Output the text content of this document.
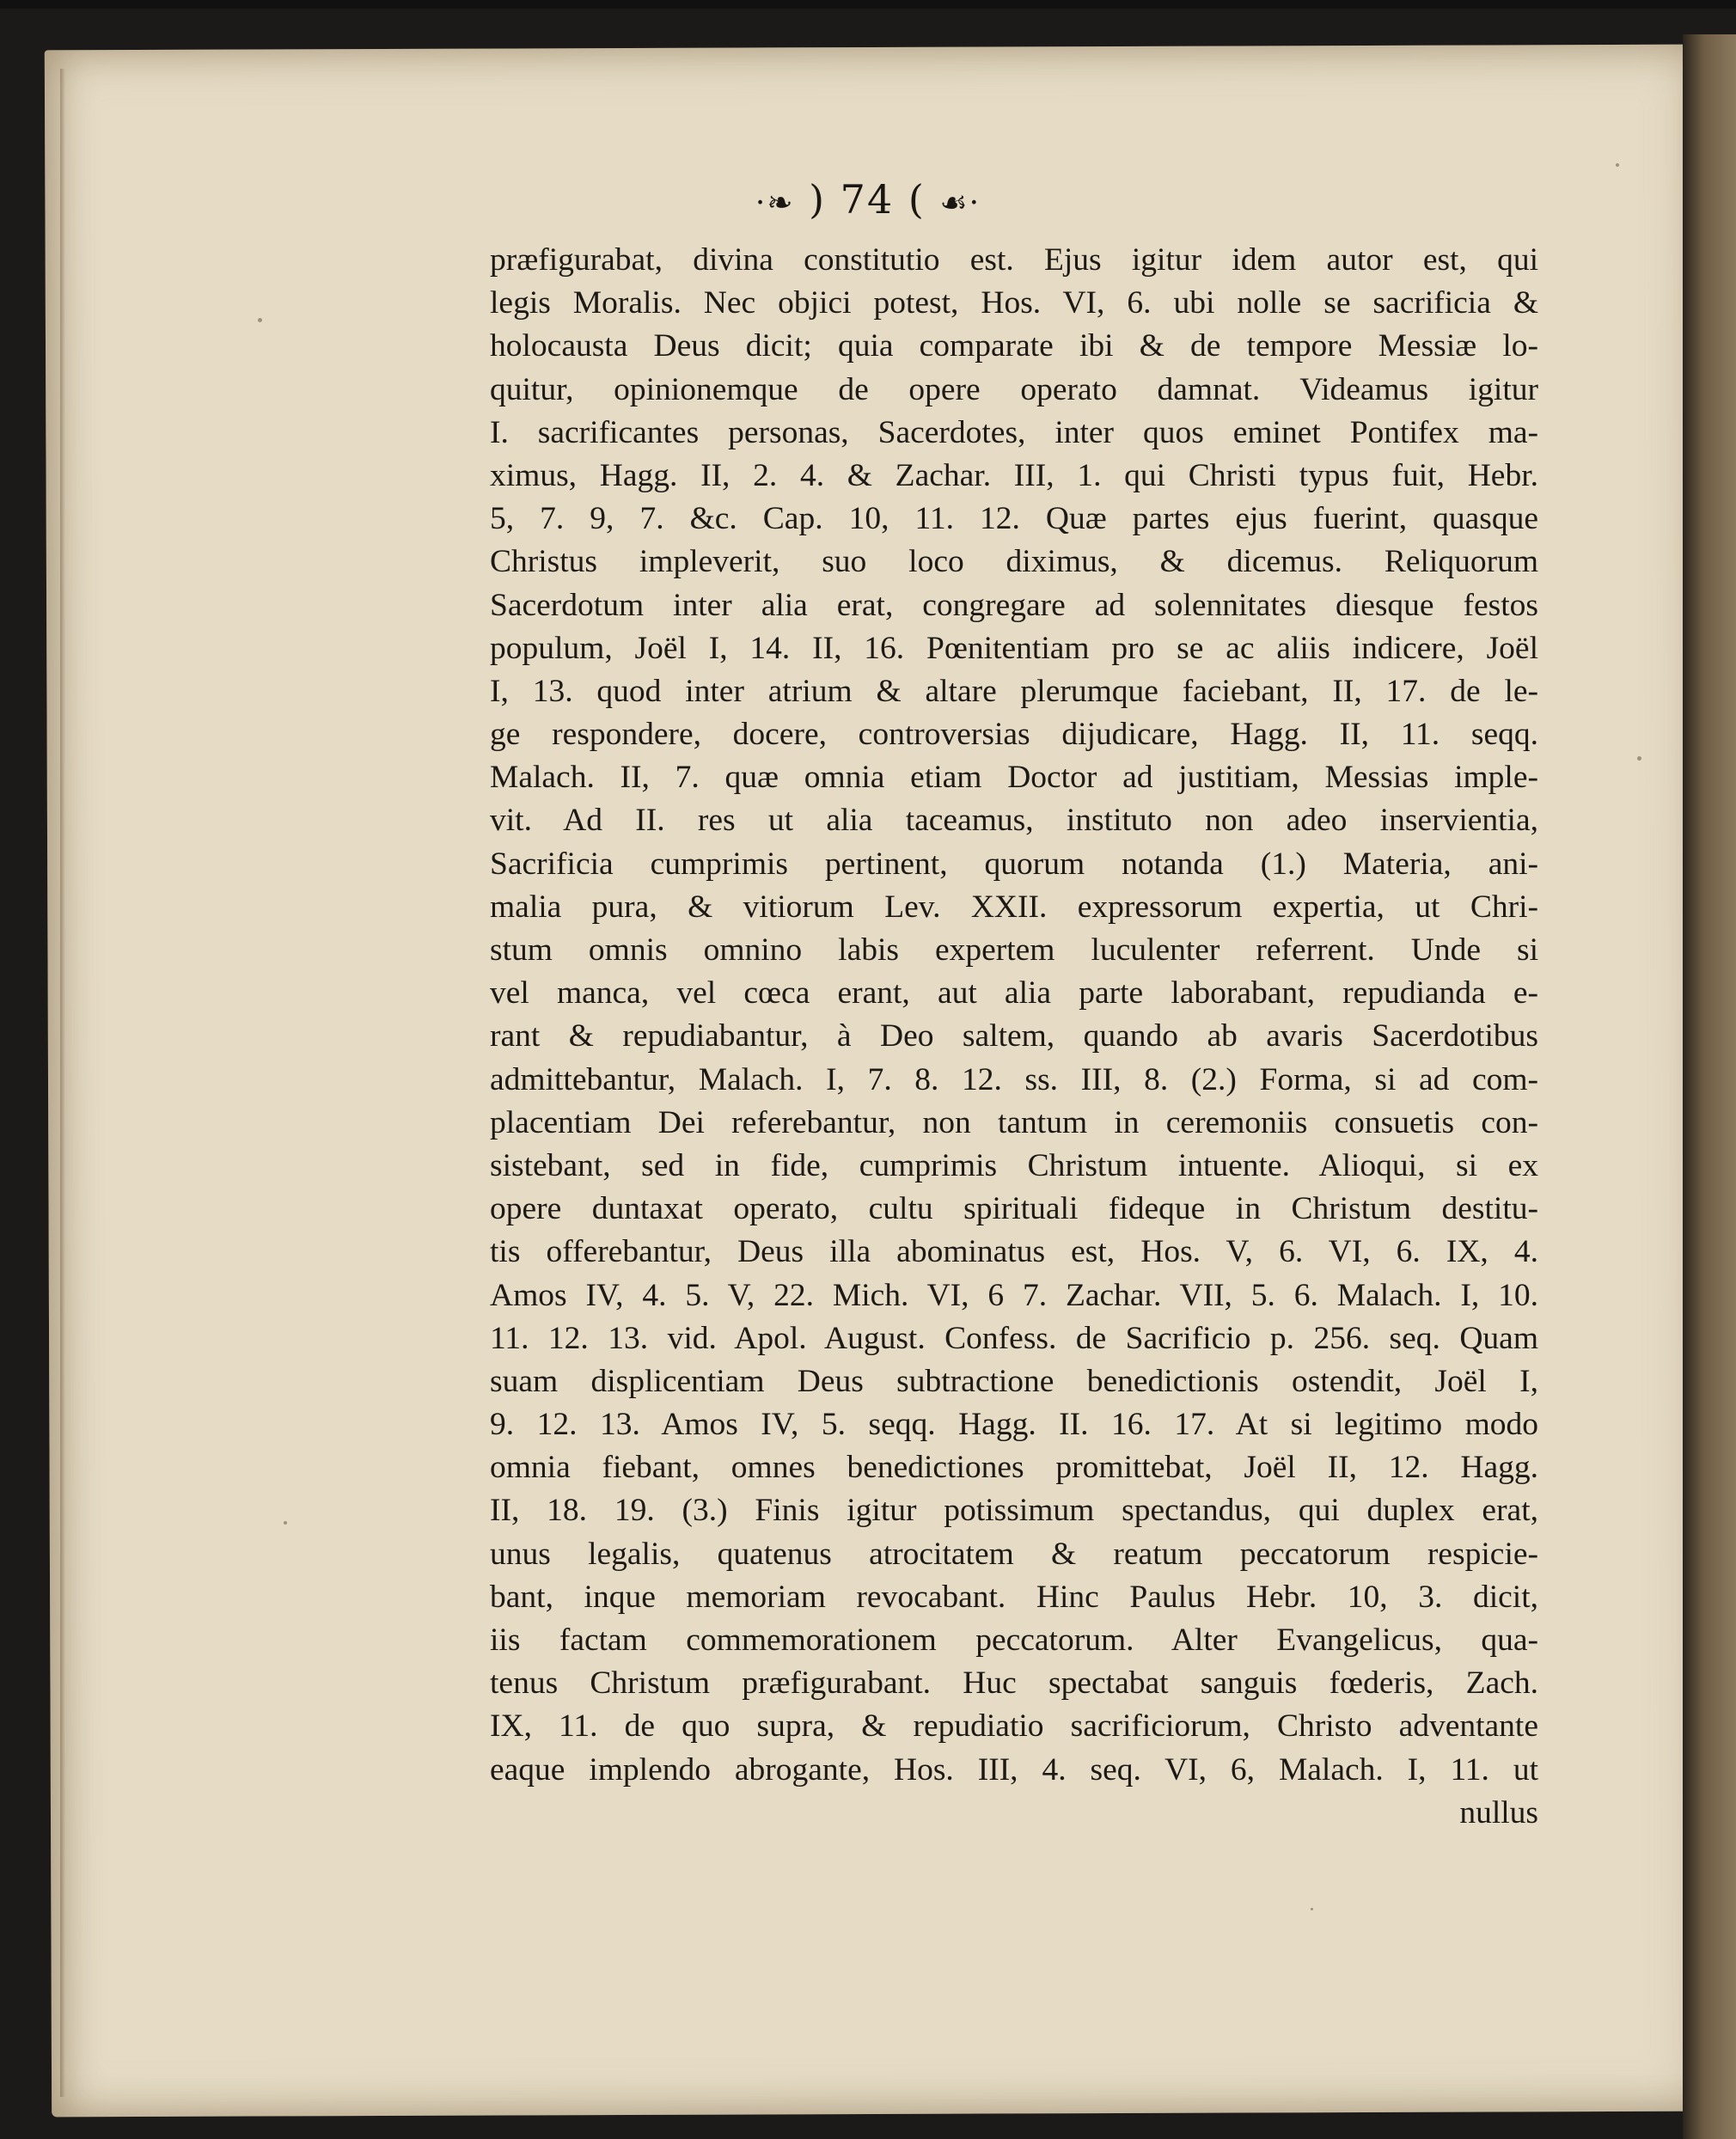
·❧ ) 74 ( ☙·
præfigurabat, divina constitutio est. Ejus igitur idem autor est, qui
legis Moralis. Nec objici potest, Hos. VI, 6. ubi nolle se sacrificia &
holocausta Deus dicit; quia comparate ibi & de tempore Messiæ lo-
quitur, opinionemque de opere operato damnat. Videamus igitur
I. sacrificantes personas, Sacerdotes, inter quos eminet Pontifex ma-
ximus, Hagg. II, 2. 4. & Zachar. III, 1. qui Christi typus fuit, Hebr.
5, 7. 9, 7. &c. Cap. 10, 11. 12. Quæ partes ejus fuerint, quasque
Christus impleverit, suo loco diximus, & dicemus. Reliquorum
Sacerdotum inter alia erat, congregare ad solennitates diesque festos
populum, Joël I, 14. II, 16. Pœnitentiam pro se ac aliis indicere, Joël
I, 13. quod inter atrium & altare plerumque faciebant, II, 17. de le-
ge respondere, docere, controversias dijudicare, Hagg. II, 11. seqq.
Malach. II, 7. quæ omnia etiam Doctor ad justitiam, Messias imple-
vit. Ad II. res ut alia taceamus, instituto non adeo inservientia,
Sacrificia cumprimis pertinent, quorum notanda (1.) Materia, ani-
malia pura, & vitiorum Lev. XXII. expressorum expertia, ut Chri-
stum omnis omnino labis expertem luculenter referrent. Unde si
vel manca, vel cœca erant, aut alia parte laborabant, repudianda e-
rant & repudiabantur, à Deo saltem, quando ab avaris Sacerdotibus
admittebantur, Malach. I, 7. 8. 12. ss. III, 8. (2.) Forma, si ad com-
placentiam Dei referebantur, non tantum in ceremoniis consuetis con-
sistebant, sed in fide, cumprimis Christum intuente. Alioqui, si ex
opere duntaxat operato, cultu spirituali fideque in Christum destitu-
tis offerebantur, Deus illa abominatus est, Hos. V, 6. VI, 6. IX, 4.
Amos IV, 4. 5. V, 22. Mich. VI, 6 7. Zachar. VII, 5. 6. Malach. I, 10.
11. 12. 13. vid. Apol. August. Confess. de Sacrificio p. 256. seq. Quam
suam displicentiam Deus subtractione benedictionis ostendit, Joël I,
9. 12. 13. Amos IV, 5. seqq. Hagg. II. 16. 17. At si legitimo modo
omnia fiebant, omnes benedictiones promittebat, Joël II, 12. Hagg.
II, 18. 19. (3.) Finis igitur potissimum spectandus, qui duplex erat,
unus legalis, quatenus atrocitatem & reatum peccatorum respicie-
bant, inque memoriam revocabant. Hinc Paulus Hebr. 10, 3. dicit,
iis factam commemorationem peccatorum. Alter Evangelicus, qua-
tenus Christum præfigurabant. Huc spectabat sanguis fœderis, Zach.
IX, 11. de quo supra, & repudiatio sacrificiorum, Christo adventante
eaque implendo abrogante, Hos. III, 4. seq. VI, 6, Malach. I, 11. ut
nullus
